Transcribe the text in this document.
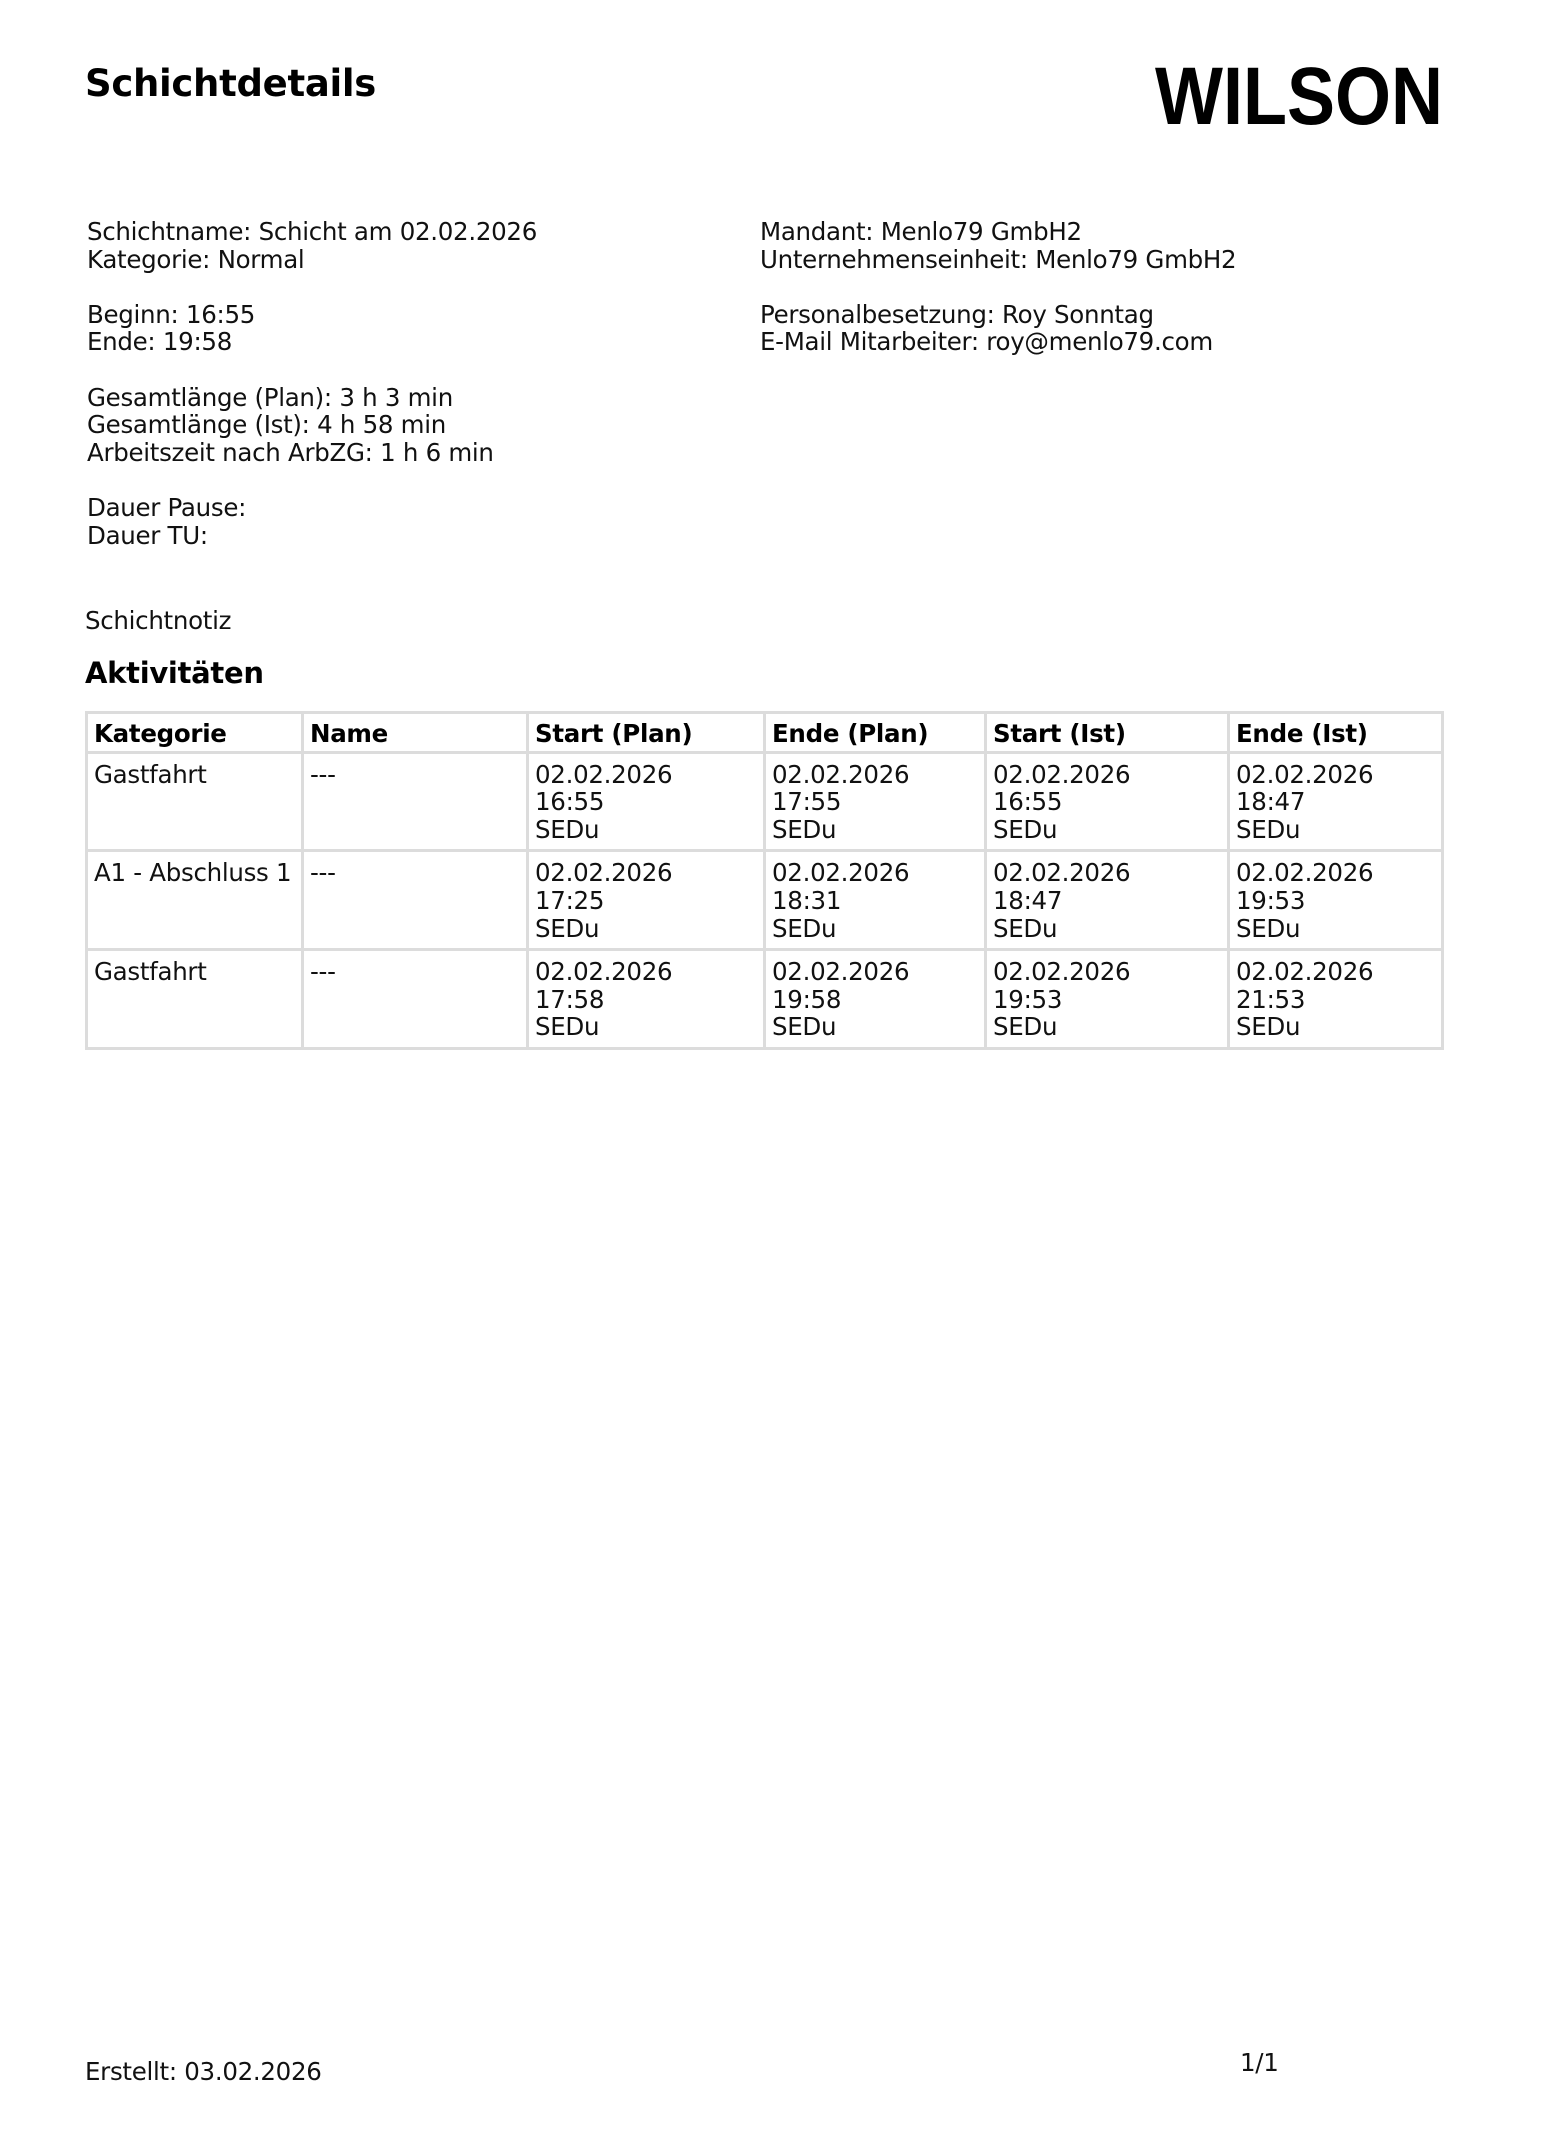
Schichtdetails	WILSON
Schichtname: Schicht am 02.02.2026
Kategorie: Normal
Beginn: 16:55
Ende: 19:58
Gesamtlänge (Plan): 3 h 3 min
Gesamtlänge (Ist): 4 h 58 min
Arbeitszeit nach ArbZG: 1 h 6 min
Dauer Pause:
Dauer TU:
Mandant: Menlo79 GmbH2
Unternehmenseinheit: Menlo79 GmbH2
Personalbesetzung: Roy Sonntag
E-Mail Mitarbeiter: roy@menlo79.com
Schichtnotiz
Aktivitäten
Kategorie	Name	Start (Plan)	Ende (Plan)	Start (Ist)	Ende (Ist)
Gastfahrt	---	02.02.2026
16:55
SEDu	02.02.2026
17:55
SEDu	02.02.2026
16:55
SEDu	02.02.2026
18:47
SEDu

A1 - Abschluss 1	---	02.02.2026
17:25
SEDu	02.02.2026
18:31
SEDu	02.02.2026
18:47
SEDu	02.02.2026
19:53
SEDu

Gastfahrt	---	02.02.2026
17:58
SEDu	02.02.2026
19:58
SEDu	02.02.2026
19:53
SEDu	02.02.2026
21:53
SEDu
Erstellt: 03.02.2026	1/1
